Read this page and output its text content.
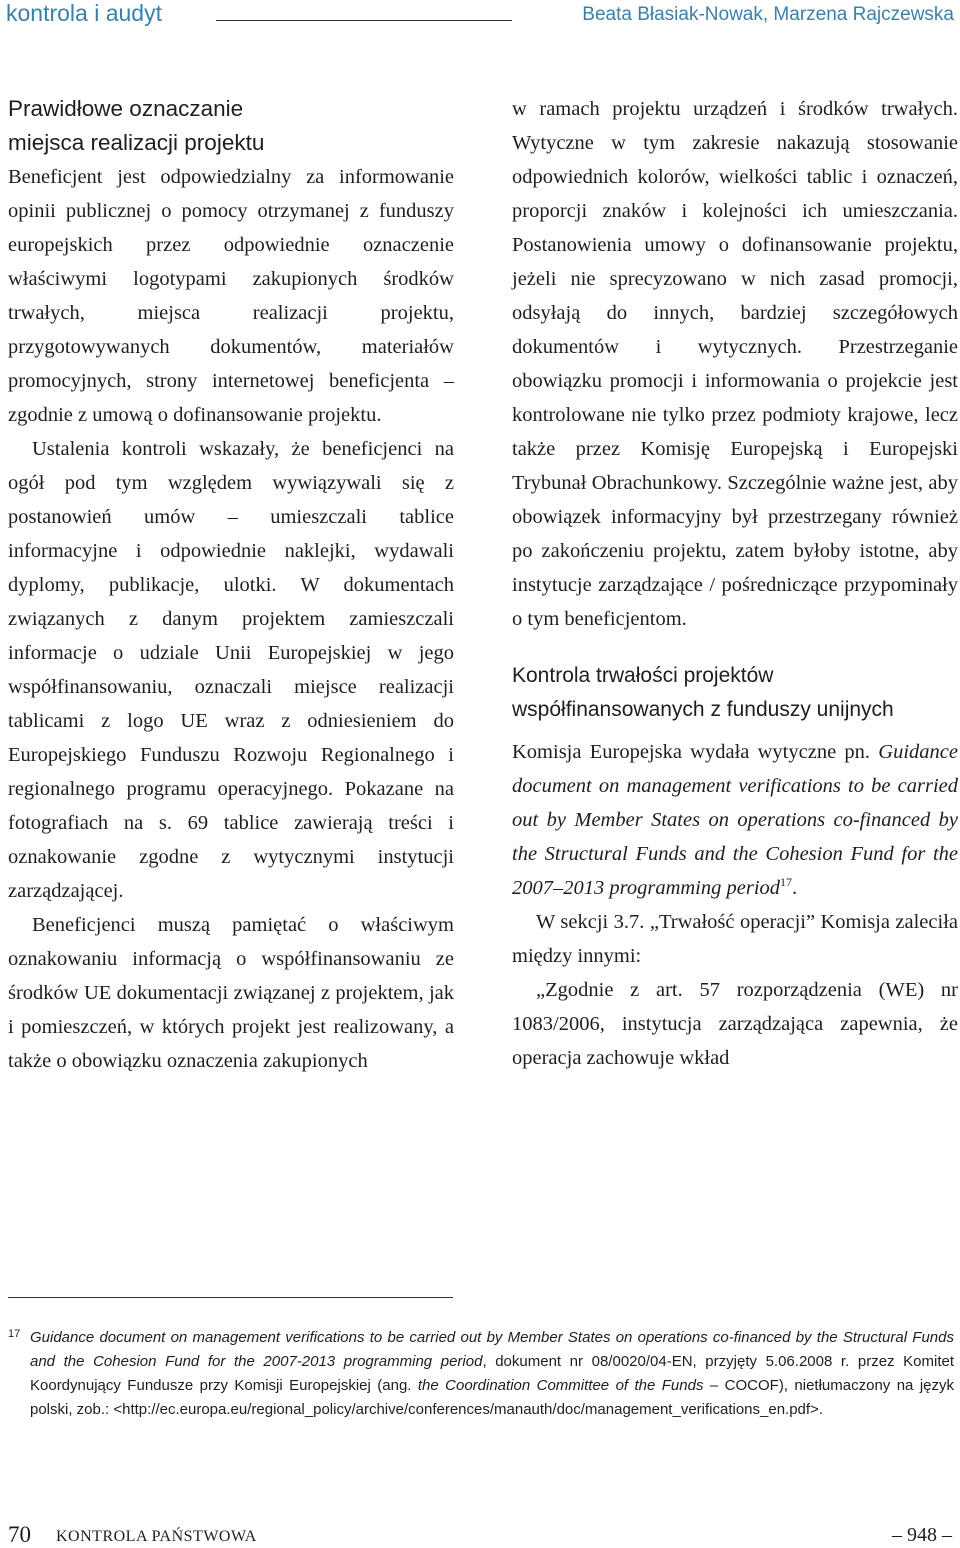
kontrola i audyt	Beata Błasiak-Nowak, Marzena Rajczewska
Prawidłowe oznaczanie
miejsca realizacji projektu

Beneficjent jest odpowiedzialny za informowanie opinii publicznej o pomocy otrzymanej z funduszy europejskich przez odpowiednie oznaczenie właściwymi logotypami zakupionych środków trwałych, miejsca realizacji projektu, przygotowywanych dokumentów, materiałów promocyjnych, strony internetowej beneficjenta – zgodnie z umową o dofinansowanie projektu.

Ustalenia kontroli wskazały, że beneficjenci na ogół pod tym względem wywiązywali się z postanowień umów – umieszczali tablice informacyjne i odpowiednie naklejki, wydawali dyplomy, publikacje, ulotki. W dokumentach związanych z danym projektem zamieszczali informacje o udziale Unii Europejskiej w jego współfinansowaniu, oznaczali miejsce realizacji tablicami z logo UE wraz z odniesieniem do Europejskiego Funduszu Rozwoju Regionalnego i regionalnego programu operacyjnego. Pokazane na fotografiach na s. 69 tablice zawierają treści i oznakowanie zgodne z wytycznymi instytucji zarządzającej.

Beneficjenci muszą pamiętać o właściwym oznakowaniu informacją o współfinansowaniu ze środków UE dokumentacji związanej z projektem, jak i pomieszczeń, w których projekt jest realizowany, a także o obowiązku oznaczenia zakupionych

w ramach projektu urządzeń i środków trwałych. Wytyczne w tym zakresie nakazują stosowanie odpowiednich kolorów, wielkości tablic i oznaczeń, proporcji znaków i kolejności ich umieszczania. Postanowienia umowy o dofinansowanie projektu, jeżeli nie sprecyzowano w nich zasad promocji, odsyłają do innych, bardziej szczegółowych dokumentów i wytycznych. Przestrzeganie obowiązku promocji i informowania o projekcie jest kontrolowane nie tylko przez podmioty krajowe, lecz także przez Komisję Europejską i Europejski Trybunał Obrachunkowy. Szczególnie ważne jest, aby obowiązek informacyjny był przestrzegany również po zakończeniu projektu, zatem byłoby istotne, aby instytucje zarządzające / pośredniczące przypominały o tym beneficjentom.

Kontrola trwałości projektów
współfinansowanych z funduszy unijnych

Komisja Europejska wydała wytyczne pn. Guidance document on management verifications to be carried out by Member States on operations co-financed by the Structural Funds and the Cohesion Fund for the 2007–2013 programming period$^{17}$.

W sekcji 3.7. „Trwałość operacji” Komisja zaleciła między innymi:

„Zgodnie z art. 57 rozporządzenia (WE) nr 1083/2006, instytucja zarządzająca zapewnia, że operacja zachowuje wkład

17 Guidance document on management verifications to be carried out by Member States on operations co-financed by the Structural Funds and the Cohesion Fund for the 2007-2013 programming period, dokument nr 08/0020/04-EN, przyjęty 5.06.2008 r. przez Komitet Koordynujący Fundusze przy Komisji Europejskiej (ang. the Coordination Committee of the Funds – COCOF), nietłumaczony na język polski, zob.: <http://ec.europa.eu/regional_policy/archive/conferences/manauth/doc/management_verifications_en.pdf>.
70 KONTROLA PAŃSTWOWA	– 948 –
